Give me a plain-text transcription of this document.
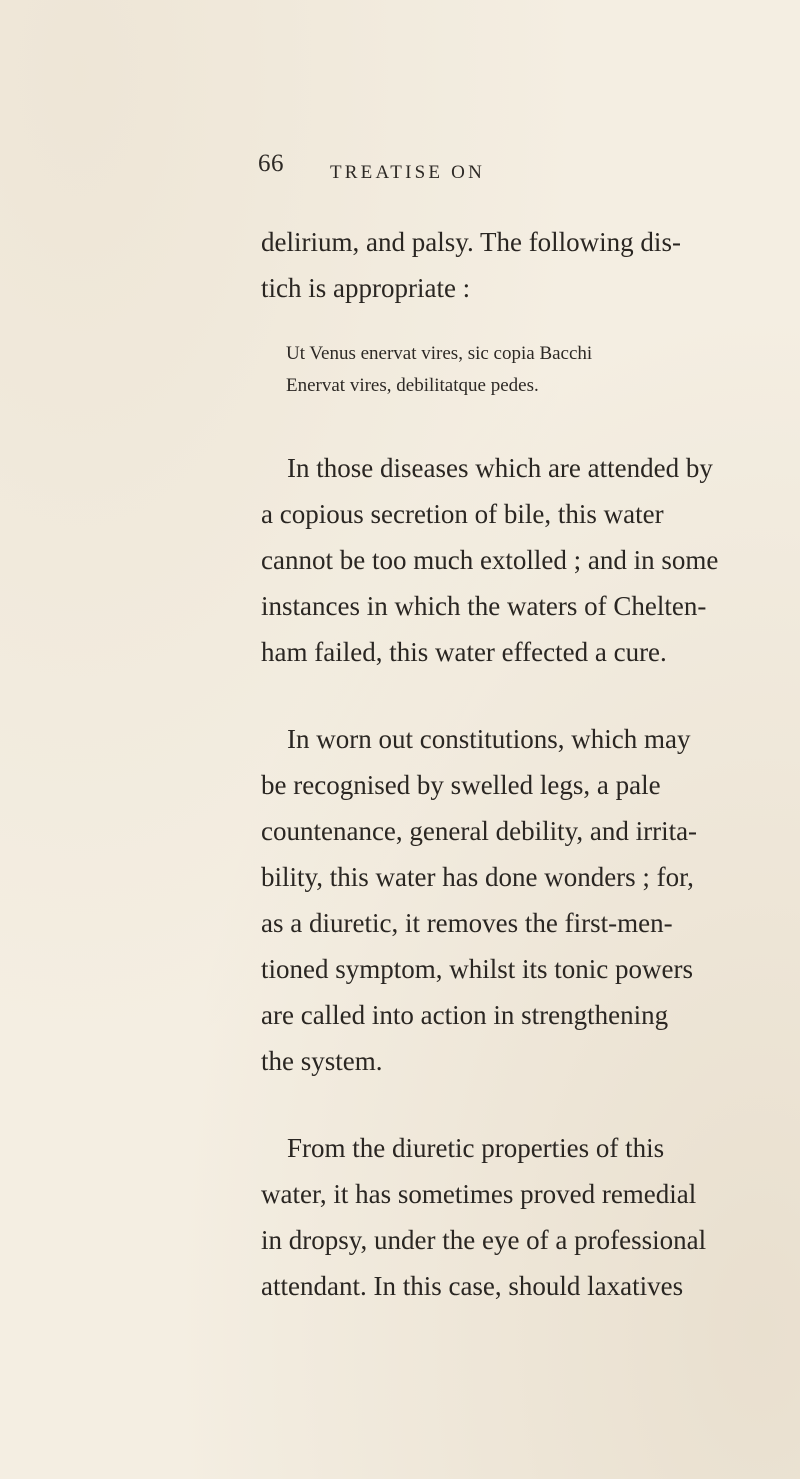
66 TREATISE ON
delirium, and palsy. The following dis-
tich is appropriate :
Ut Venus enervat vires, sic copia Bacchi
Enervat vires, debilitatque pedes.
In those diseases which are attended by
a copious secretion of bile, this water
cannot be too much extolled ; and in some
instances in which the waters of Chelten-
ham failed, this water effected a cure.
In worn out constitutions, which may
be recognised by swelled legs, a pale
countenance, general debility, and irrita-
bility, this water has done wonders ; for,
as a diuretic, it removes the first-men-
tioned symptom, whilst its tonic powers
are called into action in strengthening
the system.
From the diuretic properties of this
water, it has sometimes proved remedial
in dropsy, under the eye of a professional
attendant. In this case, should laxatives
